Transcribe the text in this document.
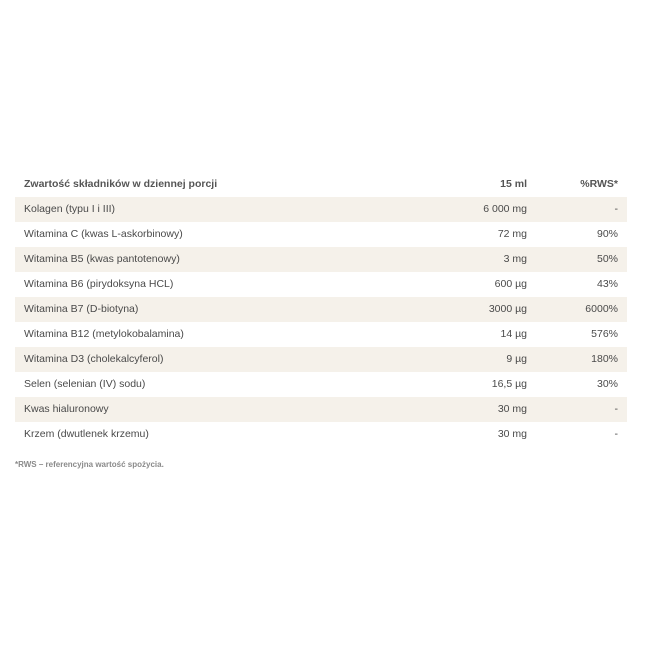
Zwartość składników w dziennej porcji	15 ml	%RWS*
Kolagen (typu I i III)	6 000 mg	-
Witamina C (kwas L-askorbinowy)	72 mg	90%
Witamina B5 (kwas pantotenowy)	3 mg	50%
Witamina B6 (pirydoksyna HCL)	600 µg	43%
Witamina B7 (D-biotyna)	3000 µg	6000%
Witamina B12 (metylokobalamina)	14 µg	576%
Witamina D3 (cholekalcyferol)	9 µg	180%
Selen (selenian (IV) sodu)	16,5 µg	30%
Kwas hialuronowy	30 mg	-
Krzem (dwutlenek krzemu)	30 mg	-
*RWS – referencyjna wartość spożycia.
